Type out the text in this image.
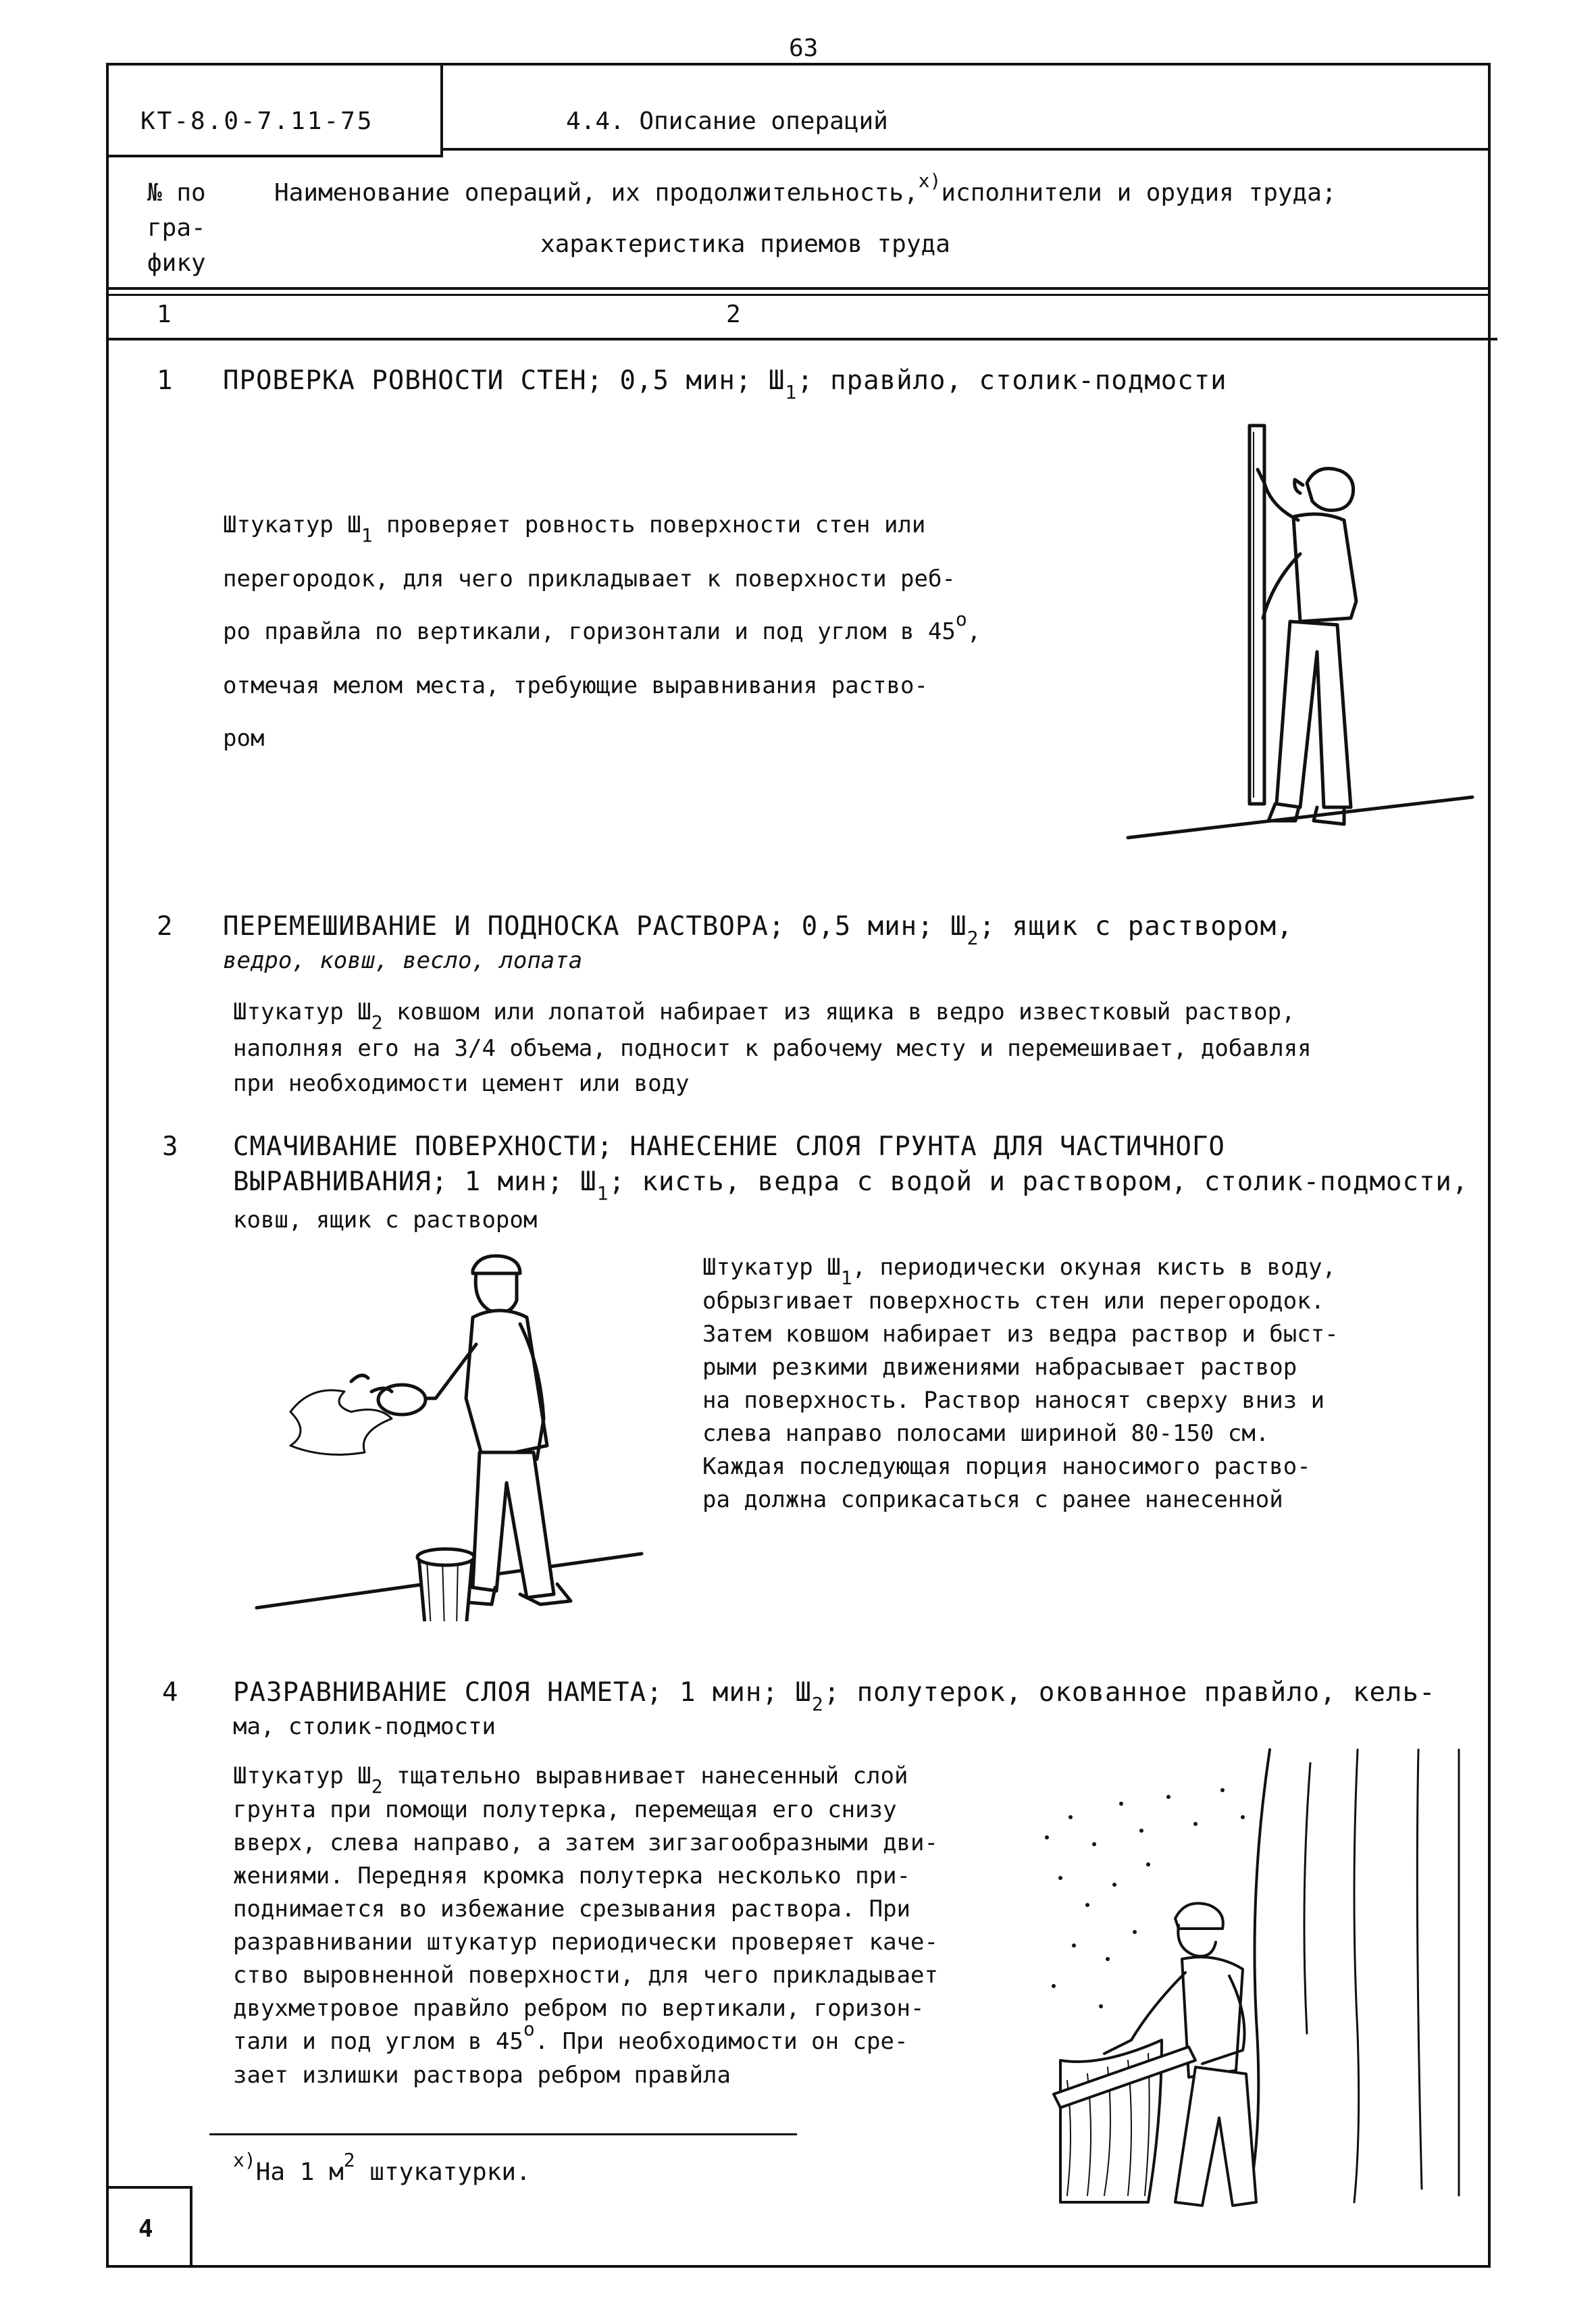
63
КТ-8.0-7.11-75	4.4. Описание операций
№ по
гра-
фику
Наименование операций, их продолжительность,$^{x)}$исполнители и орудия труда;
характеристика приемов труда
1	2
1 ПРОВЕРКА РОВНОСТИ СТЕН; 0,5 мин; $Ш_1$; правйло, столик-подмости
Штукатур $Ш_1$ проверяет ровность поверхности стен или
перегородок, для чего прикладывает к поверхности реб-
ро правйла по вертикали, горизонтали и под углом в $45^о$,
отмечая мелом места, требующие выравнивания раство-
ром
2 ПЕРЕМЕШИВАНИЕ И ПОДНОСКА РАСТВОРА; 0,5 мин; $Ш_2$; ящик с раствором,
ведро, ковш, весло, лопата
Штукатур $Ш_2$ ковшом или лопатой набирает из ящика в ведро известковый раствор,
наполняя его на 3/4 объема, подносит к рабочему месту и перемешивает, добавляя
при необходимости цемент или воду
3 СМАЧИВАНИЕ ПОВЕРХНОСТИ; НАНЕСЕНИЕ СЛОЯ ГРУНТА ДЛЯ ЧАСТИЧНОГО
ВЫРАВНИВАНИЯ; 1 мин; $Ш_1$; кисть, ведра с водой и раствором, столик-подмости,
ковш, ящик с раствором
Штукатур $Ш_1$, периодически окуная кисть в воду,
обрызгивает поверхность стен или перегородок.
Затем ковшом набирает из ведра раствор и быст-
рыми резкими движениями набрасывает раствор
на поверхность. Раствор наносят сверху вниз и
слева направо полосами шириной 80-150 см.
Каждая последующая порция наносимого раство-
ра должна соприкасаться с ранее нанесенной
4 РАЗРАВНИВАНИЕ СЛОЯ НАМЕТА; 1 мин; $Ш_2$; полутерок, окованное правйло, кель-
ма, столик-подмости
Штукатур $Ш_2$ тщательно выравнивает нанесенный слой
грунта при помощи полутерка, перемещая его снизу
вверх, слева направо, а затем зигзагообразными дви-
жениями. Передняя кромка полутерка несколько при-
поднимается во избежание срезывания раствора. При
разравнивании штукатур периодически проверяет каче-
ство выровненной поверхности, для чего прикладывает
двухметровое правйло ребром по вертикали, горизон-
тали и под углом в $45^о$. При необходимости он сре-
зает излишки раствора ребром правйла
$^{x)}$На 1 $м^2$ штукатурки.
4
